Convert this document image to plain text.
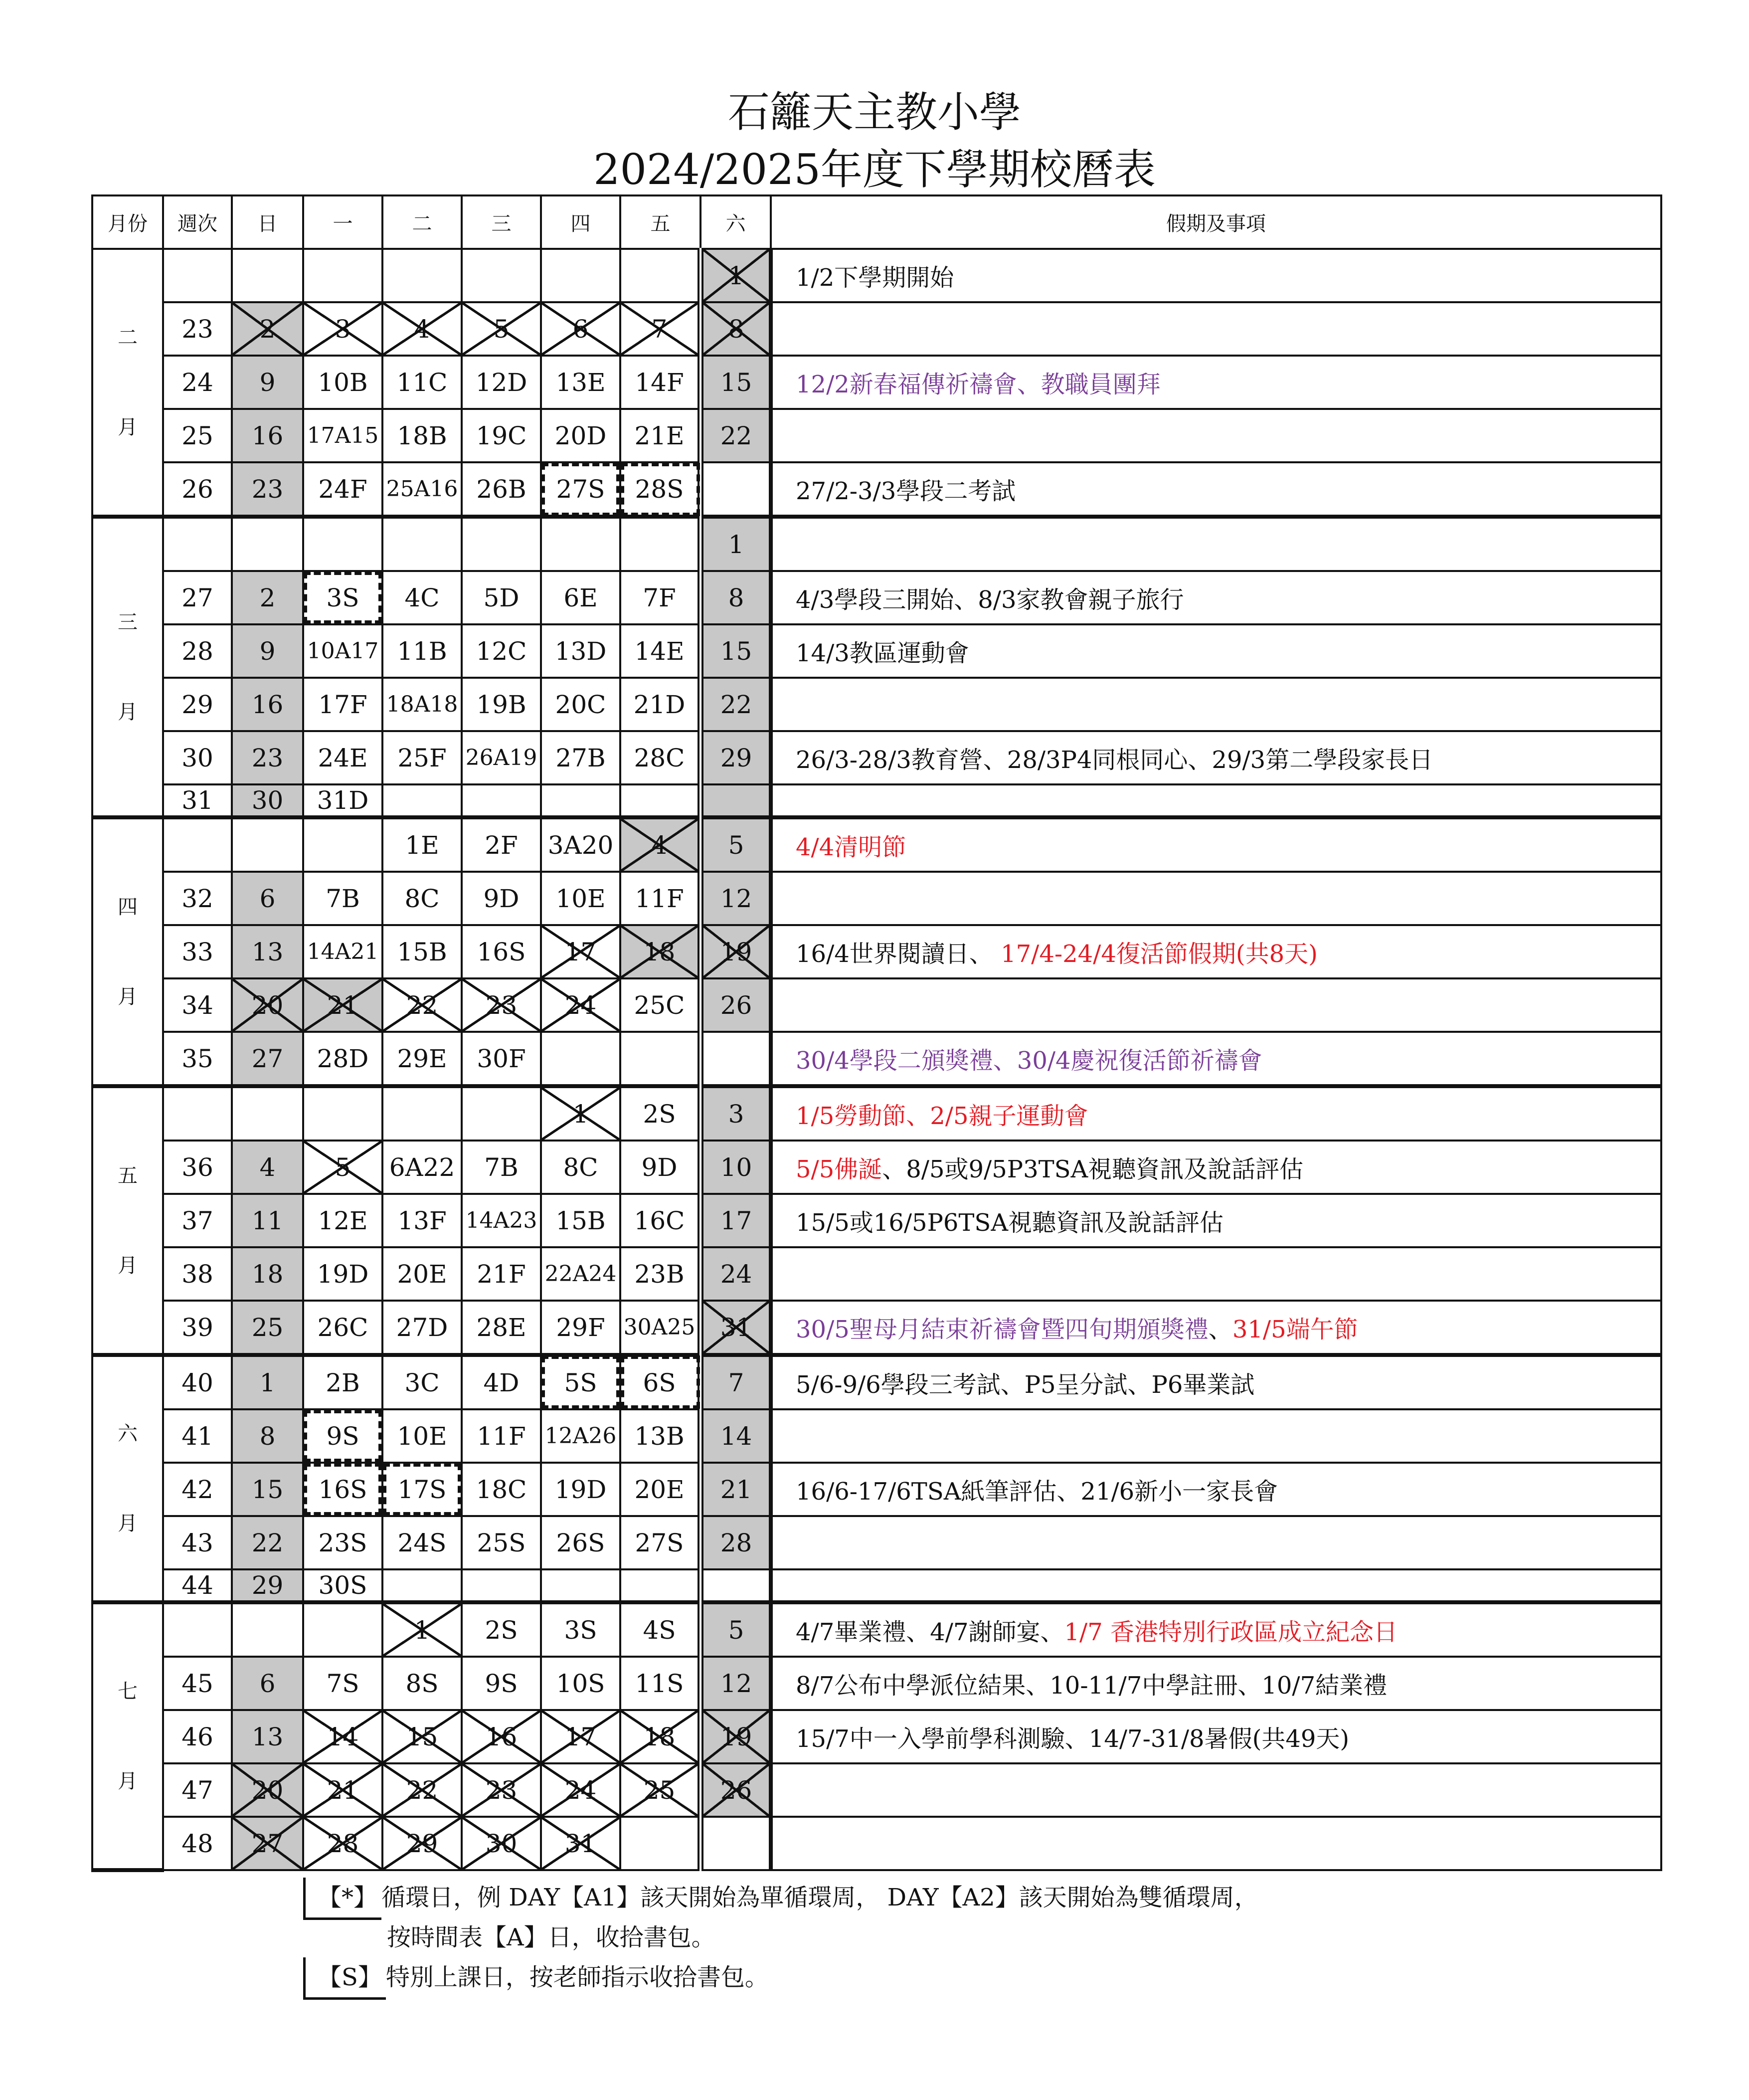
石籬天主教小學
2024/2025年度下學期校曆表
月份	週次	日	一	二	三	四	五	六	假期及事項
二

月								1	1/2下學期開始
	23	2	3	4	5	6	7	8	
	24	9	10B	11C	12D	13E	14F	15	12/2新春福傳祈禱會、教職員團拜
	25	16	17A15	18B	19C	20D	21E	22	
	26	23	24F	25A16	26B	27S	28S		27/2-3/3學段二考試
三

月								1	
	27	2	3S	4C	5D	6E	7F	8	4/3學段三開始、8/3家教會親子旅行
	28	9	10A17	11B	12C	13D	14E	15	14/3教區運動會
	29	16	17F	18A18	19B	20C	21D	22	
	30	23	24E	25F	26A19	27B	28C	29	26/3-28/3教育營、28/3P4同根同心、29/3第二學段家長日
	31	30	31D						
四

月				1E	2F	3A20	4	5	4/4清明節
	32	6	7B	8C	9D	10E	11F	12	
	33	13	14A21	15B	16S	17	18	19	16/4世界閱讀日、 17/4-24/4復活節假期(共8天)
	34	20	21	22	23	24	25C	26	
	35	27	28D	29E	30F				30/4學段二頒獎禮、30/4慶祝復活節祈禱會
五

月						1	2S	3	1/5勞動節、2/5親子運動會
	36	4	5	6A22	7B	8C	9D	10	5/5佛誕、8/5或9/5P3TSA視聽資訊及說話評估
	37	11	12E	13F	14A23	15B	16C	17	15/5或16/5P6TSA視聽資訊及說話評估
	38	18	19D	20E	21F	22A24	23B	24	
	39	25	26C	27D	28E	29F	30A25	31	30/5聖母月結束祈禱會暨四旬期頒獎禮、31/5端午節
六

月	40	1	2B	3C	4D	5S	6S	7	5/6-9/6學段三考試、P5呈分試、P6畢業試
	41	8	9S	10E	11F	12A26	13B	14	
	42	15	16S	17S	18C	19D	20E	21	16/6-17/6TSA紙筆評估、21/6新小一家長會
	43	22	23S	24S	25S	26S	27S	28	
	44	29	30S						
七

月				1	2S	3S	4S	5	4/7畢業禮、4/7謝師宴、1/7 香港特別行政區成立紀念日
	45	6	7S	8S	9S	10S	11S	12	8/7公布中學派位結果、10-11/7中學註冊、10/7結業禮
	46	13	14	15	16	17	18	19	15/7中一入學前學科測驗、14/7-31/8暑假(共49天)
	47	20	21	22	23	24	25	26	
	48	27	28	29	30	31			
【*】 循環日，例 DAY【A1】該天開始為單循環周， DAY【A2】該天開始為雙循環周，
按時間表【A】日，收拾書包。
【S】 特別上課日，按老師指示收拾書包。
